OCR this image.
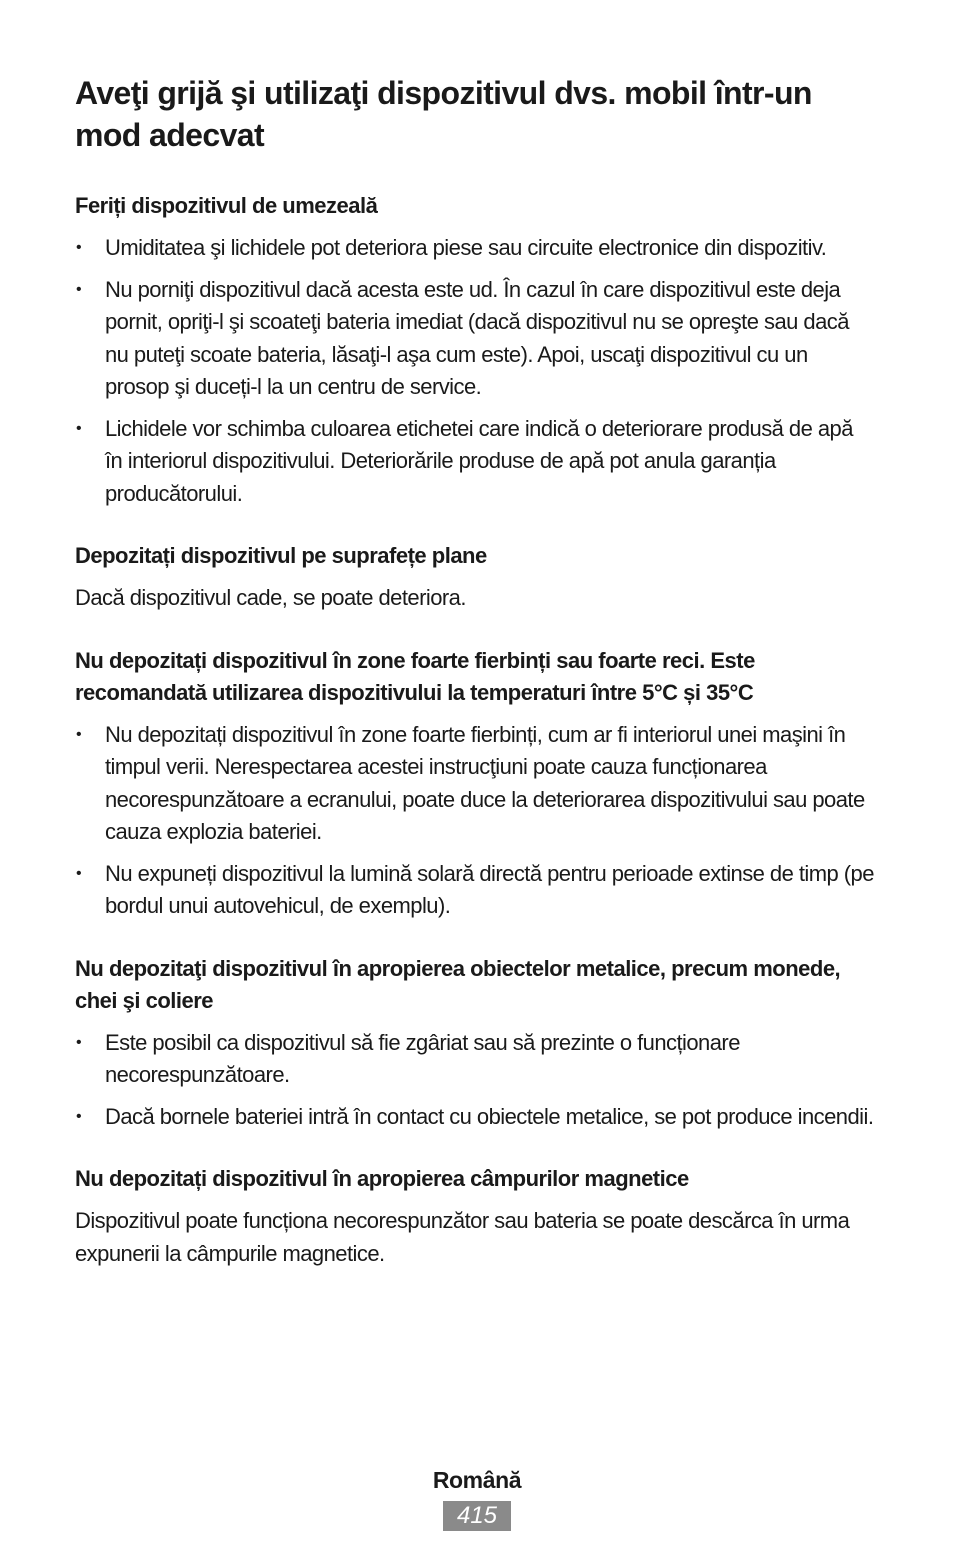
Aveţi grijă şi utilizaţi dispozitivul dvs. mobil într-un mod adecvat
Feriți dispozitivul de umezeală
• Umiditatea şi lichidele pot deteriora piese sau circuite electronice din dispozitiv.
• Nu porniţi dispozitivul dacă acesta este ud. În cazul în care dispozitivul este deja pornit, opriţi-l şi scoateţi bateria imediat (dacă dispozitivul nu se opreşte sau dacă nu puteţi scoate bateria, lăsaţi-l aşa cum este). Apoi, uscaţi dispozitivul cu un prosop şi duceți-l la un centru de service.
• Lichidele vor schimba culoarea etichetei care indică o deteriorare produsă de apă în interiorul dispozitivului. Deteriorările produse de apă pot anula garanția producătorului.
Depozitați dispozitivul pe suprafețe plane

Dacă dispozitivul cade, se poate deteriora.

Nu depozitați dispozitivul în zone foarte fierbinți sau foarte reci. Este recomandată utilizarea dispozitivului la temperaturi între 5°C și 35°C
• Nu depozitați dispozitivul în zone foarte fierbinți, cum ar fi interiorul unei maşini în timpul verii. Nerespectarea acestei instrucţiuni poate cauza funcționarea necorespunzătoare a ecranului, poate duce la deteriorarea dispozitivului sau poate cauza explozia bateriei.
• Nu expuneți dispozitivul la lumină solară directă pentru perioade extinse de timp (pe bordul unui autovehicul, de exemplu).
Nu depozitaţi dispozitivul în apropierea obiectelor metalice, precum monede, chei şi coliere
• Este posibil ca dispozitivul să fie zgâriat sau să prezinte o funcționare necorespunzătoare.
• Dacă bornele bateriei intră în contact cu obiectele metalice, se pot produce incendii.
Nu depozitați dispozitivul în apropierea câmpurilor magnetice

Dispozitivul poate funcționa necorespunzător sau bateria se poate descărca în urma expunerii la câmpurile magnetice.

Română
415
